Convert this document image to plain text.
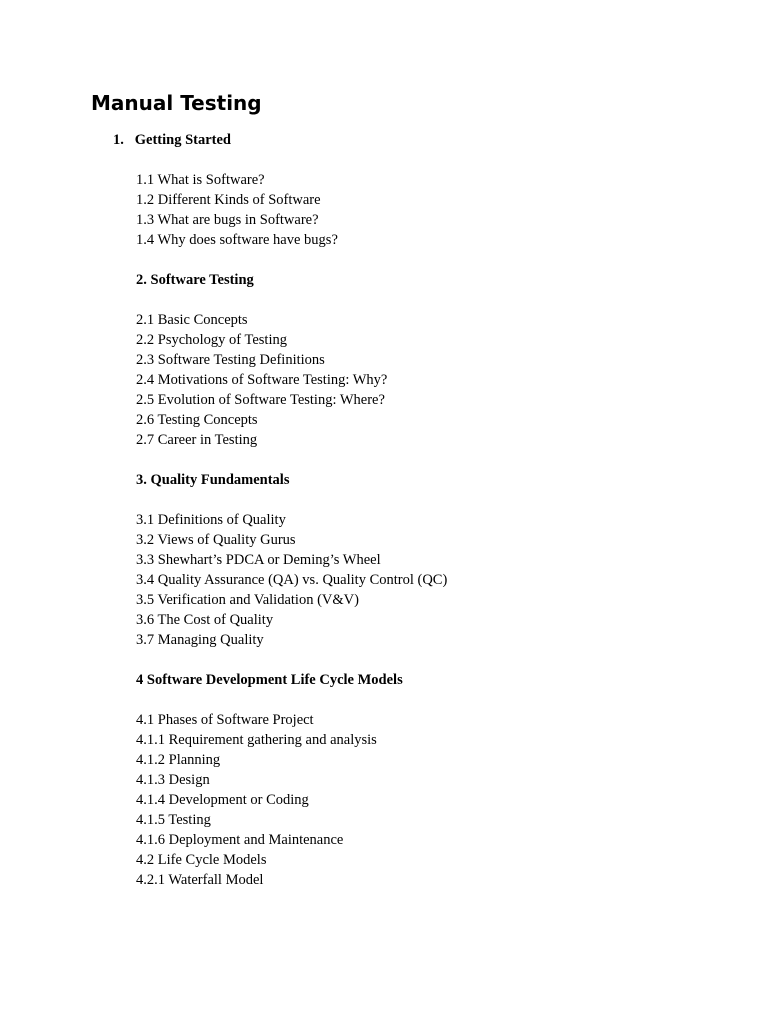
Manual Testing
1.   Getting Started
1.1 What is Software?
1.2 Different Kinds of Software
1.3 What are bugs in Software?
1.4 Why does software have bugs?
2. Software Testing
2.1 Basic Concepts
2.2 Psychology of Testing
2.3 Software Testing Definitions
2.4 Motivations of Software Testing: Why?
2.5 Evolution of Software Testing: Where?
2.6 Testing Concepts
2.7 Career in Testing
3. Quality Fundamentals
3.1 Definitions of Quality
3.2 Views of Quality Gurus
3.3 Shewhart’s PDCA or Deming’s Wheel
3.4 Quality Assurance (QA) vs. Quality Control (QC)
3.5 Verification and Validation (V&V)
3.6 The Cost of Quality
3.7 Managing Quality
4 Software Development Life Cycle Models
4.1 Phases of Software Project
4.1.1 Requirement gathering and analysis
4.1.2 Planning
4.1.3 Design
4.1.4 Development or Coding
4.1.5 Testing
4.1.6 Deployment and Maintenance
4.2 Life Cycle Models
4.2.1 Waterfall Model
